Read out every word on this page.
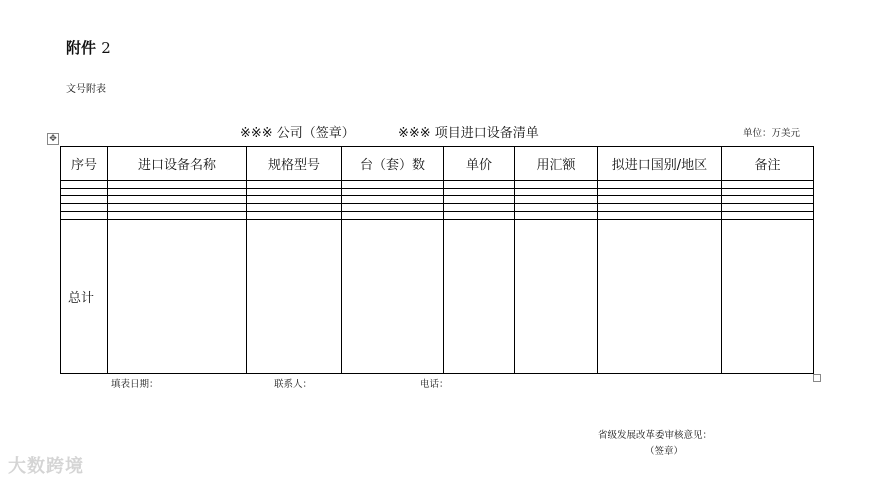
附件 2
文号附表
※※※ 公司（签章）	※※※ 项目进口设备清单	单位：万美元
✥
序号	进口设备名称	规格型号	台（套）数	单价	用汇额	拟进口国别/地区	备注

总计							
填表日期：	联系人：	电话：
省级发展改革委审核意见：
（签章）
大数跨境
